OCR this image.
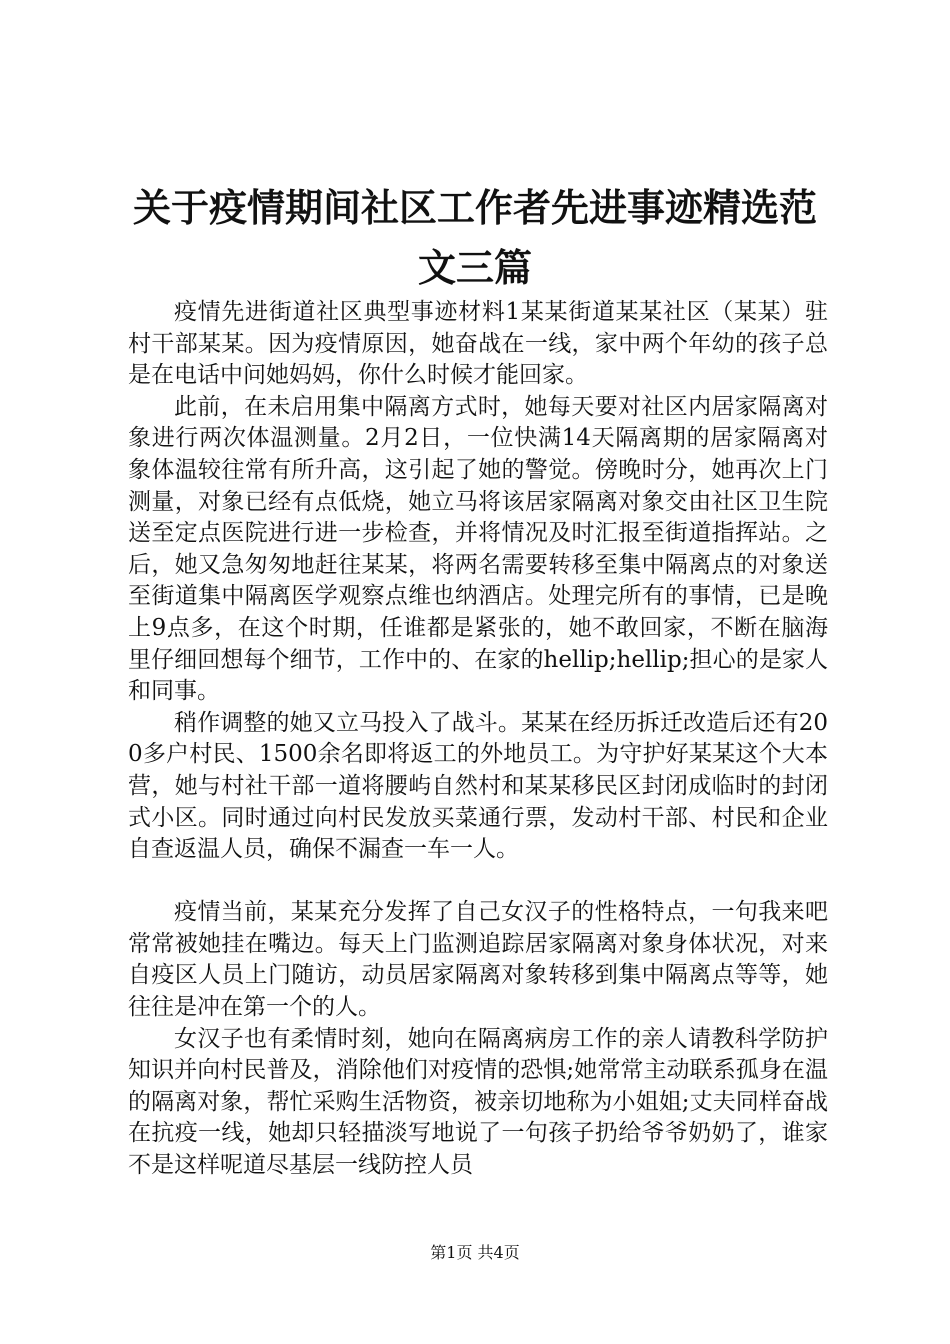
关于疫情期间社区工作者先进事迹精选范文三篇

疫情先进街道社区典型事迹材料1某某街道某某社区（某某）驻村干部某某。因为疫情原因，她奋战在一线，家中两个年幼的孩子总是在电话中问她妈妈，你什么时候才能回家。

此前，在未启用集中隔离方式时，她每天要对社区内居家隔离对象进行两次体温测量。2月2日，一位快满14天隔离期的居家隔离对象体温较往常有所升高，这引起了她的警觉。傍晚时分，她再次上门测量，对象已经有点低烧，她立马将该居家隔离对象交由社区卫生院送至定点医院进行进一步检查，并将情况及时汇报至街道指挥站。之后，她又急匆匆地赶往某某，将两名需要转移至集中隔离点的对象送至街道集中隔离医学观察点维也纳酒店。处理完所有的事情，已是晚上9点多，在这个时期，任谁都是紧张的，她不敢回家，不断在脑海里仔细回想每个细节，工作中的、在家的hellip;hellip;担心的是家人和同事。

稍作调整的她又立马投入了战斗。某某在经历拆迁改造后还有200多户村民、1500余名即将返工的外地员工。为守护好某某这个大本营，她与村社干部一道将腰屿自然村和某某移民区封闭成临时的封闭式小区。同时通过向村民发放买菜通行票，发动村干部、村民和企业自查返温人员，确保不漏查一车一人。

疫情当前，某某充分发挥了自己女汉子的性格特点，一句我来吧常常被她挂在嘴边。每天上门监测追踪居家隔离对象身体状况，对来自疫区人员上门随访，动员居家隔离对象转移到集中隔离点等等，她往往是冲在第一个的人。

女汉子也有柔情时刻，她向在隔离病房工作的亲人请教科学防护知识并向村民普及，消除他们对疫情的恐惧;她常常主动联系孤身在温的隔离对象，帮忙采购生活物资，被亲切地称为小姐姐;丈夫同样奋战在抗疫一线，她却只轻描淡写地说了一句孩子扔给爷爷奶奶了，谁家不是这样呢道尽基层一线防控人员

第1页 共4页
